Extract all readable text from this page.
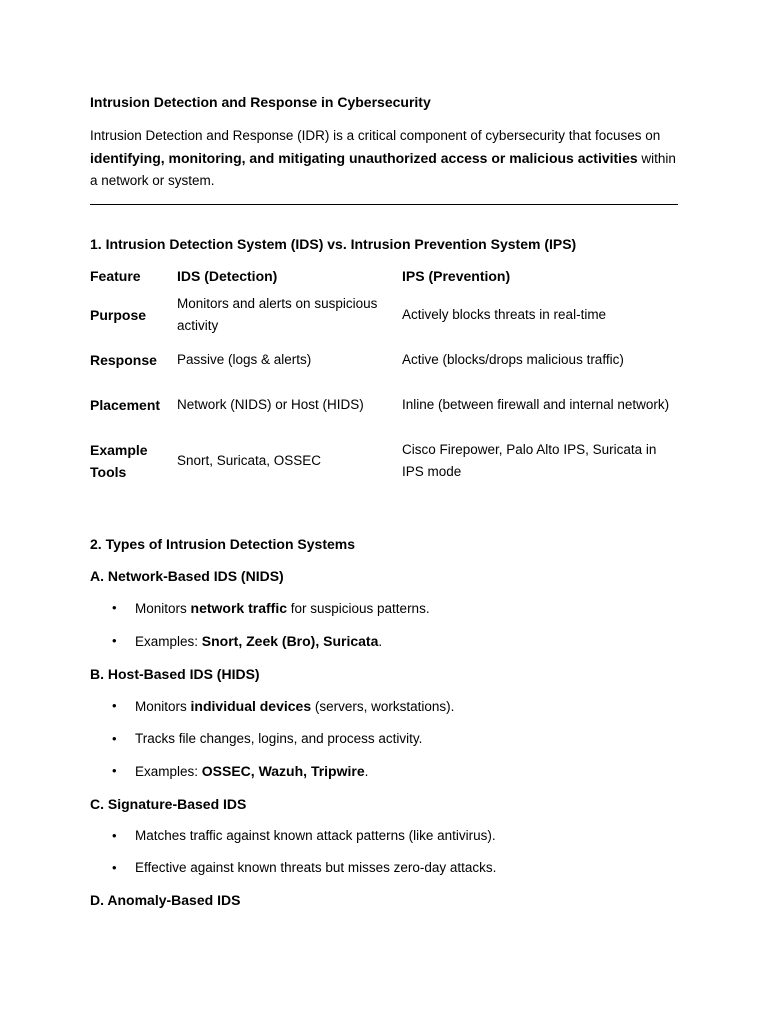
Intrusion Detection and Response in Cybersecurity

Intrusion Detection and Response (IDR) is a critical component of cybersecurity that focuses on identifying, monitoring, and mitigating unauthorized access or malicious activities within a network or system.

1. Intrusion Detection System (IDS) vs. Intrusion Prevention System (IPS)
Feature	IDS (Detection)	IPS (Prevention)
Purpose	Monitors and alerts on suspicious activity	Actively blocks threats in real-time
Response	Passive (logs & alerts)	Active (blocks/drops malicious traffic)
Placement	Network (NIDS) or Host (HIDS)	Inline (between firewall and internal network)
Example Tools	Snort, Suricata, OSSEC	Cisco Firepower, Palo Alto IPS, Suricata in IPS mode
2. Types of Intrusion Detection Systems
A. Network-Based IDS (NIDS)
• Monitors network traffic for suspicious patterns.
• Examples: Snort, Zeek (Bro), Suricata.
B. Host-Based IDS (HIDS)
• Monitors individual devices (servers, workstations).
• Tracks file changes, logins, and process activity.
• Examples: OSSEC, Wazuh, Tripwire.
C. Signature-Based IDS
• Matches traffic against known attack patterns (like antivirus).
• Effective against known threats but misses zero-day attacks.
D. Anomaly-Based IDS
